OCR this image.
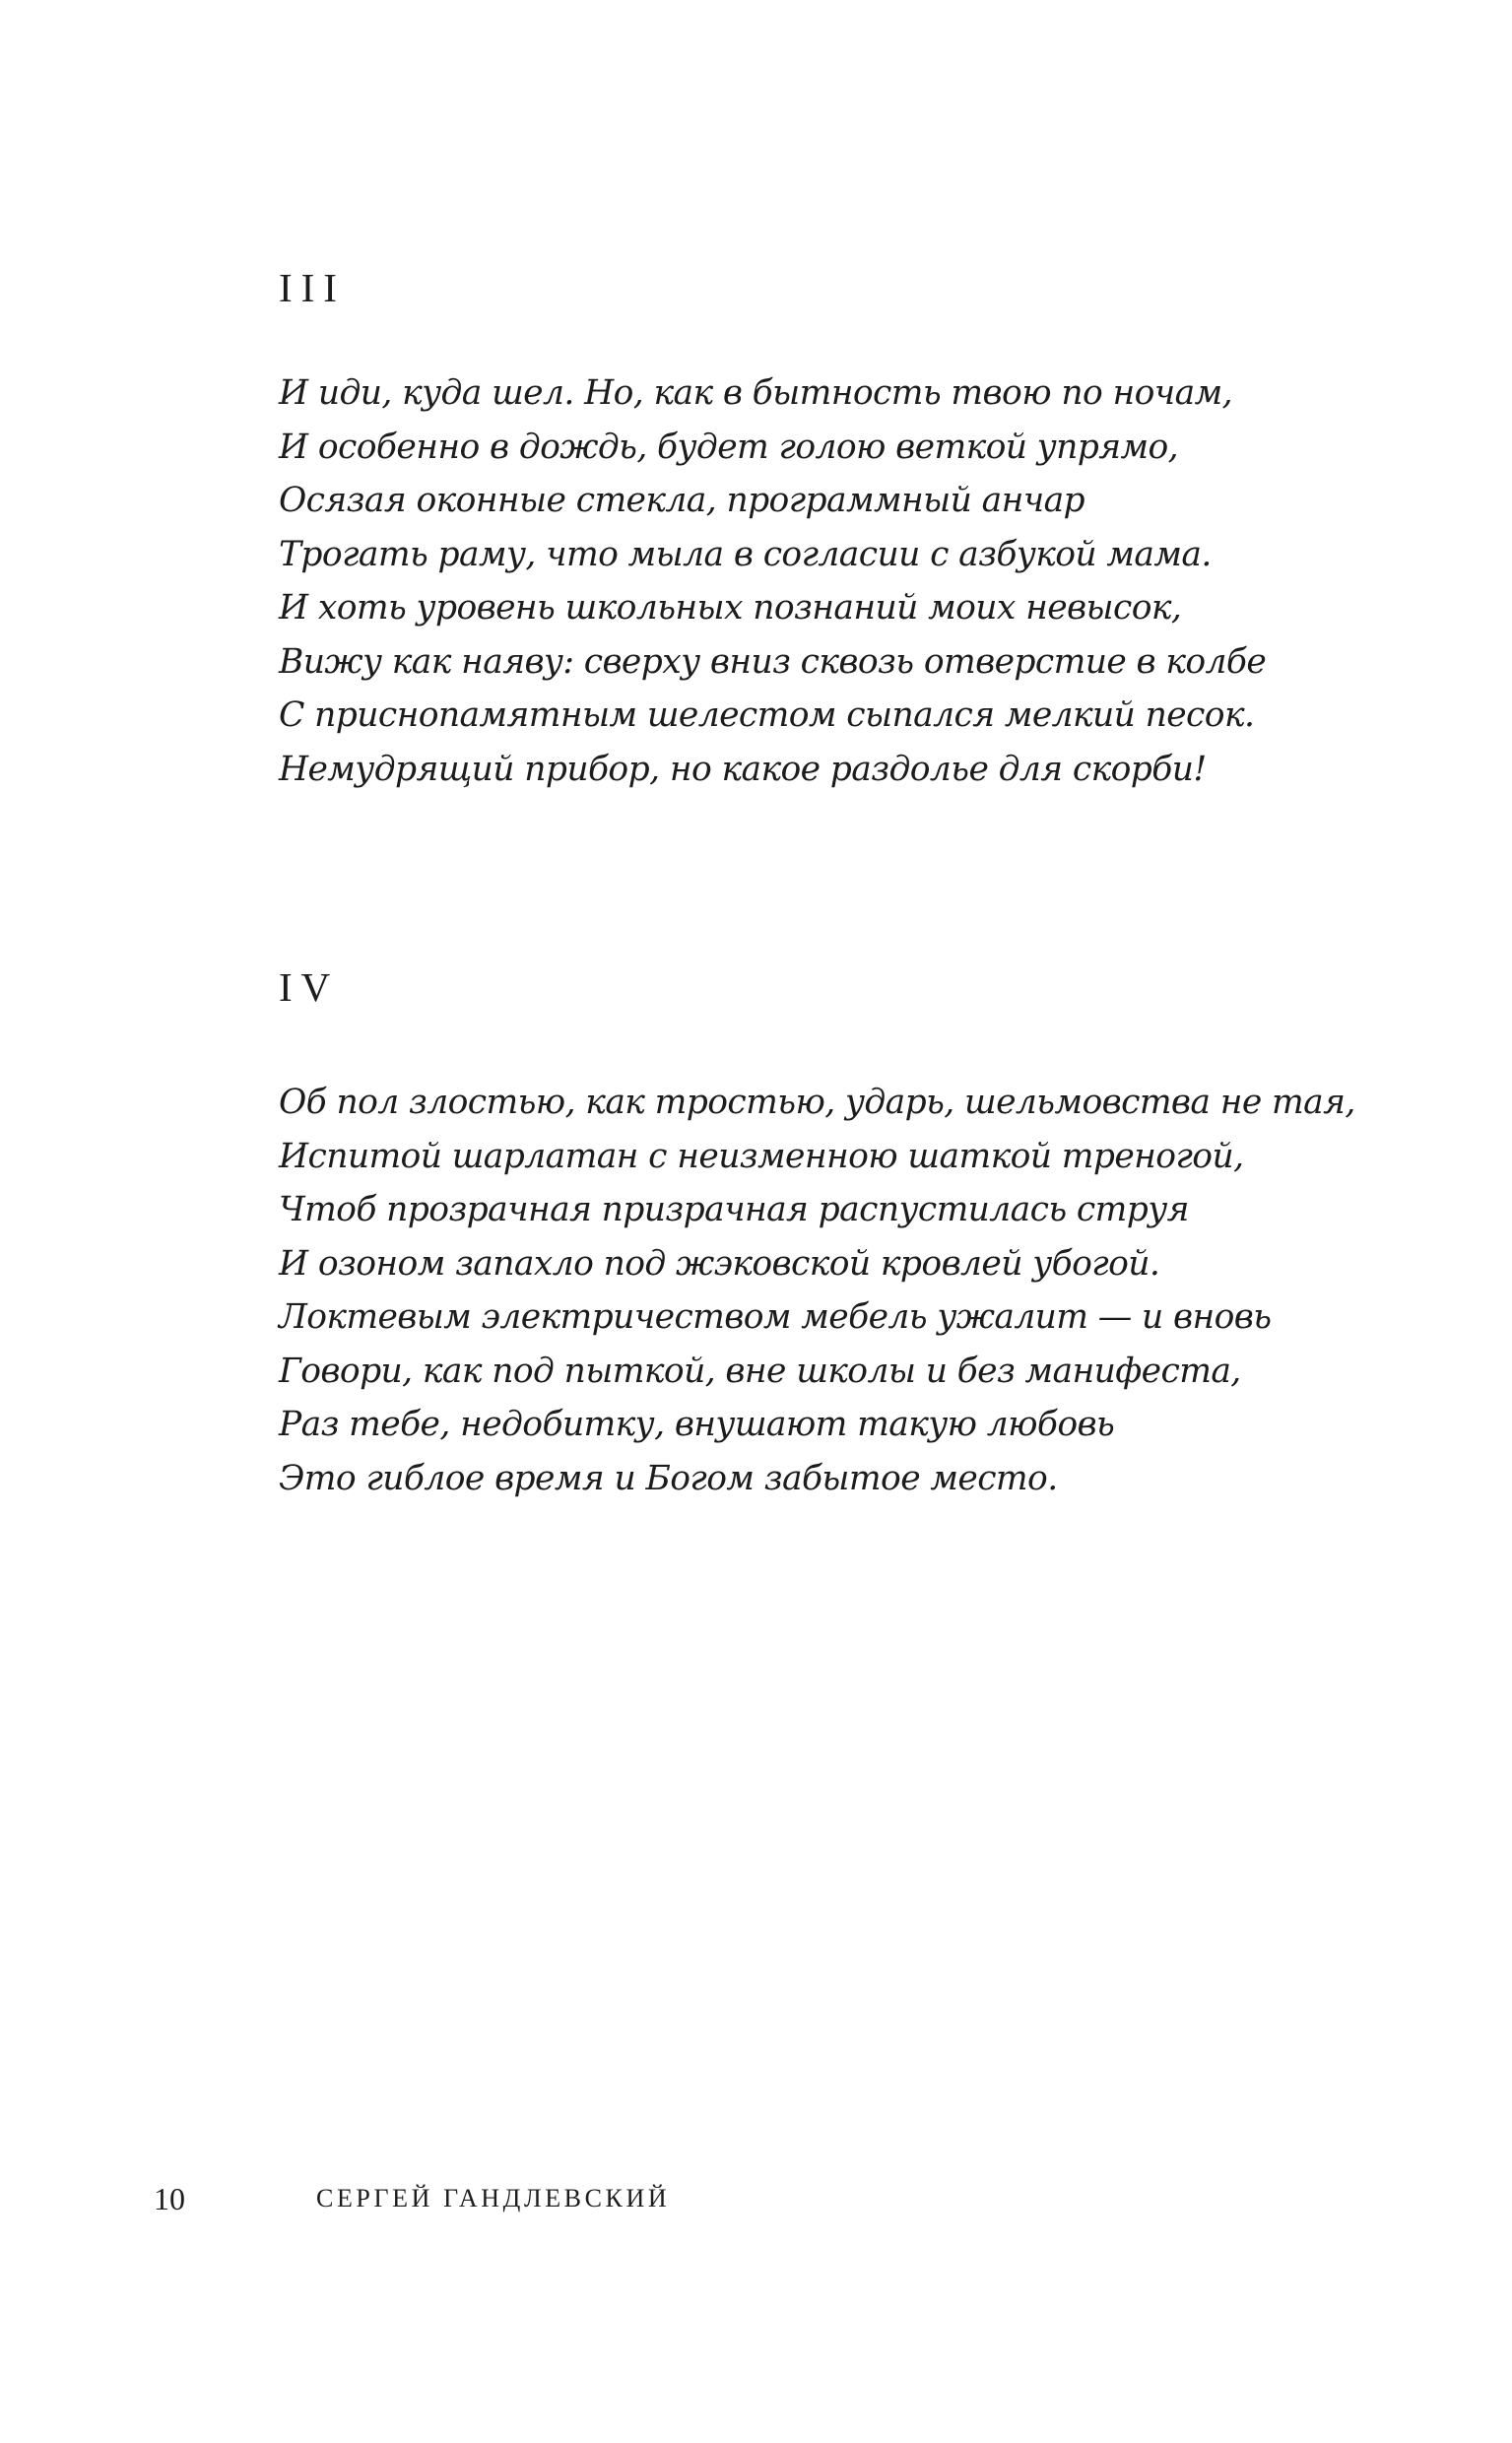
III
И иди, куда шел. Но, как в бытность твою по ночам,
И особенно в дождь, будет голою веткой упрямо,
Осязая оконные стекла, программный анчар
Трогать раму, что мыла в согласии с азбукой мама.
И хоть уровень школьных познаний моих невысок,
Вижу как наяву: сверху вниз сквозь отверстие в колбе
С приснопамятным шелестом сыпался мелкий песок.
Немудрящий прибор, но какое раздолье для скорби!
IV
Об пол злостью, как тростью, ударь, шельмовства не тая,
Испитой шарлатан с неизменною шаткой треногой,
Чтоб прозрачная призрачная распустилась струя
И озоном запахло под жэковской кровлей убогой.
Локтевым электричеством мебель ужалит — и вновь
Говори, как под пыткой, вне школы и без манифеста,
Раз тебе, недобитку, внушают такую любовь
Это гиблое время и Богом забытое место.
10	СЕРГЕЙ ГАНДЛЕВСКИЙ
